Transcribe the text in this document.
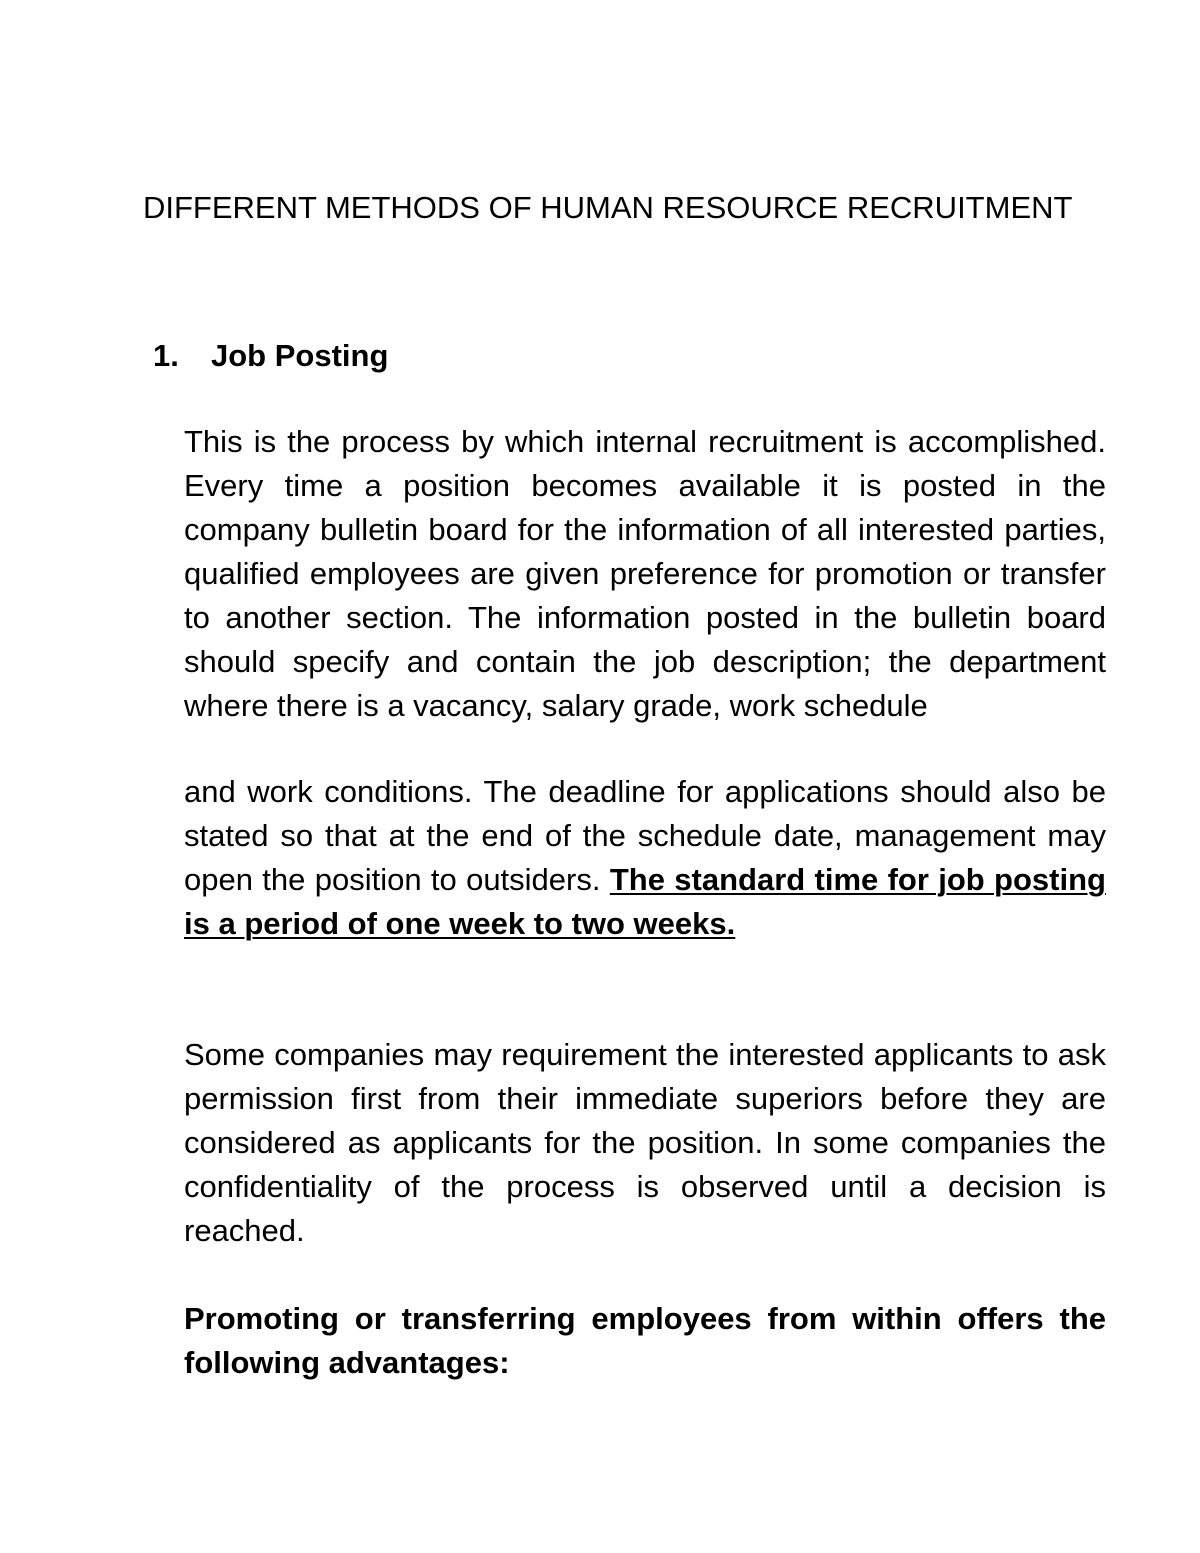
DIFFERENT METHODS OF HUMAN RESOURCE RECRUITMENT
1. Job Posting

This is the process by which internal recruitment is accomplished. Every time a position becomes available it is posted in the company bulletin board for the information of all interested parties, qualified employees are given preference for promotion or transfer to another section. The information posted in the bulletin board should specify and contain the job description; the department where there is a vacancy, salary grade, work schedule

and work conditions. The deadline for applications should also be stated so that at the end of the schedule date, management may open the position to outsiders. The standard time for job posting is a period of one week to two weeks.

Some companies may requirement the interested applicants to ask permission first from their immediate superiors before they are considered as applicants for the position. In some companies the confidentiality of the process is observed until a decision is reached.

Promoting or transferring employees from within offers the following advantages:
